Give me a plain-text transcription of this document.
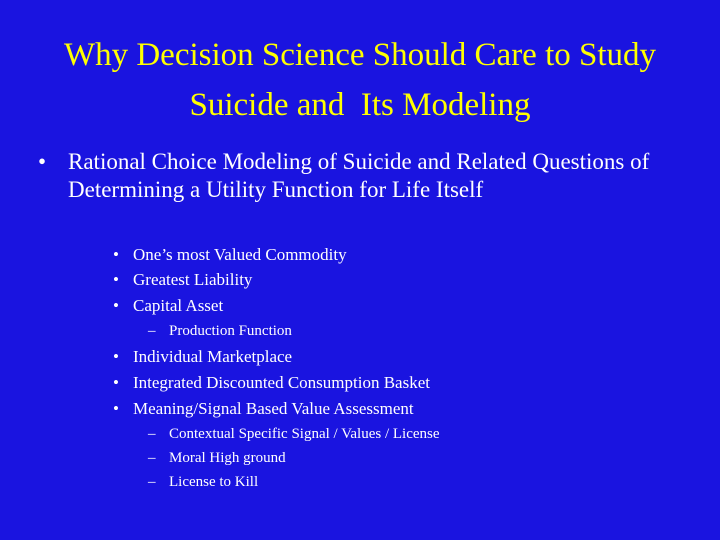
Why Decision Science Should Care to Study
Suicide and  Its Modeling
• Rational Choice Modeling of Suicide and Related Questions of Determining a Utility Function for Life Itself
• One’s most Valued Commodity
• Greatest Liability
• Capital Asset
– Production Function
• Individual Marketplace
• Integrated Discounted Consumption Basket
• Meaning/Signal Based Value Assessment
– Contextual Specific Signal / Values / License
– Moral High ground
– License to Kill
